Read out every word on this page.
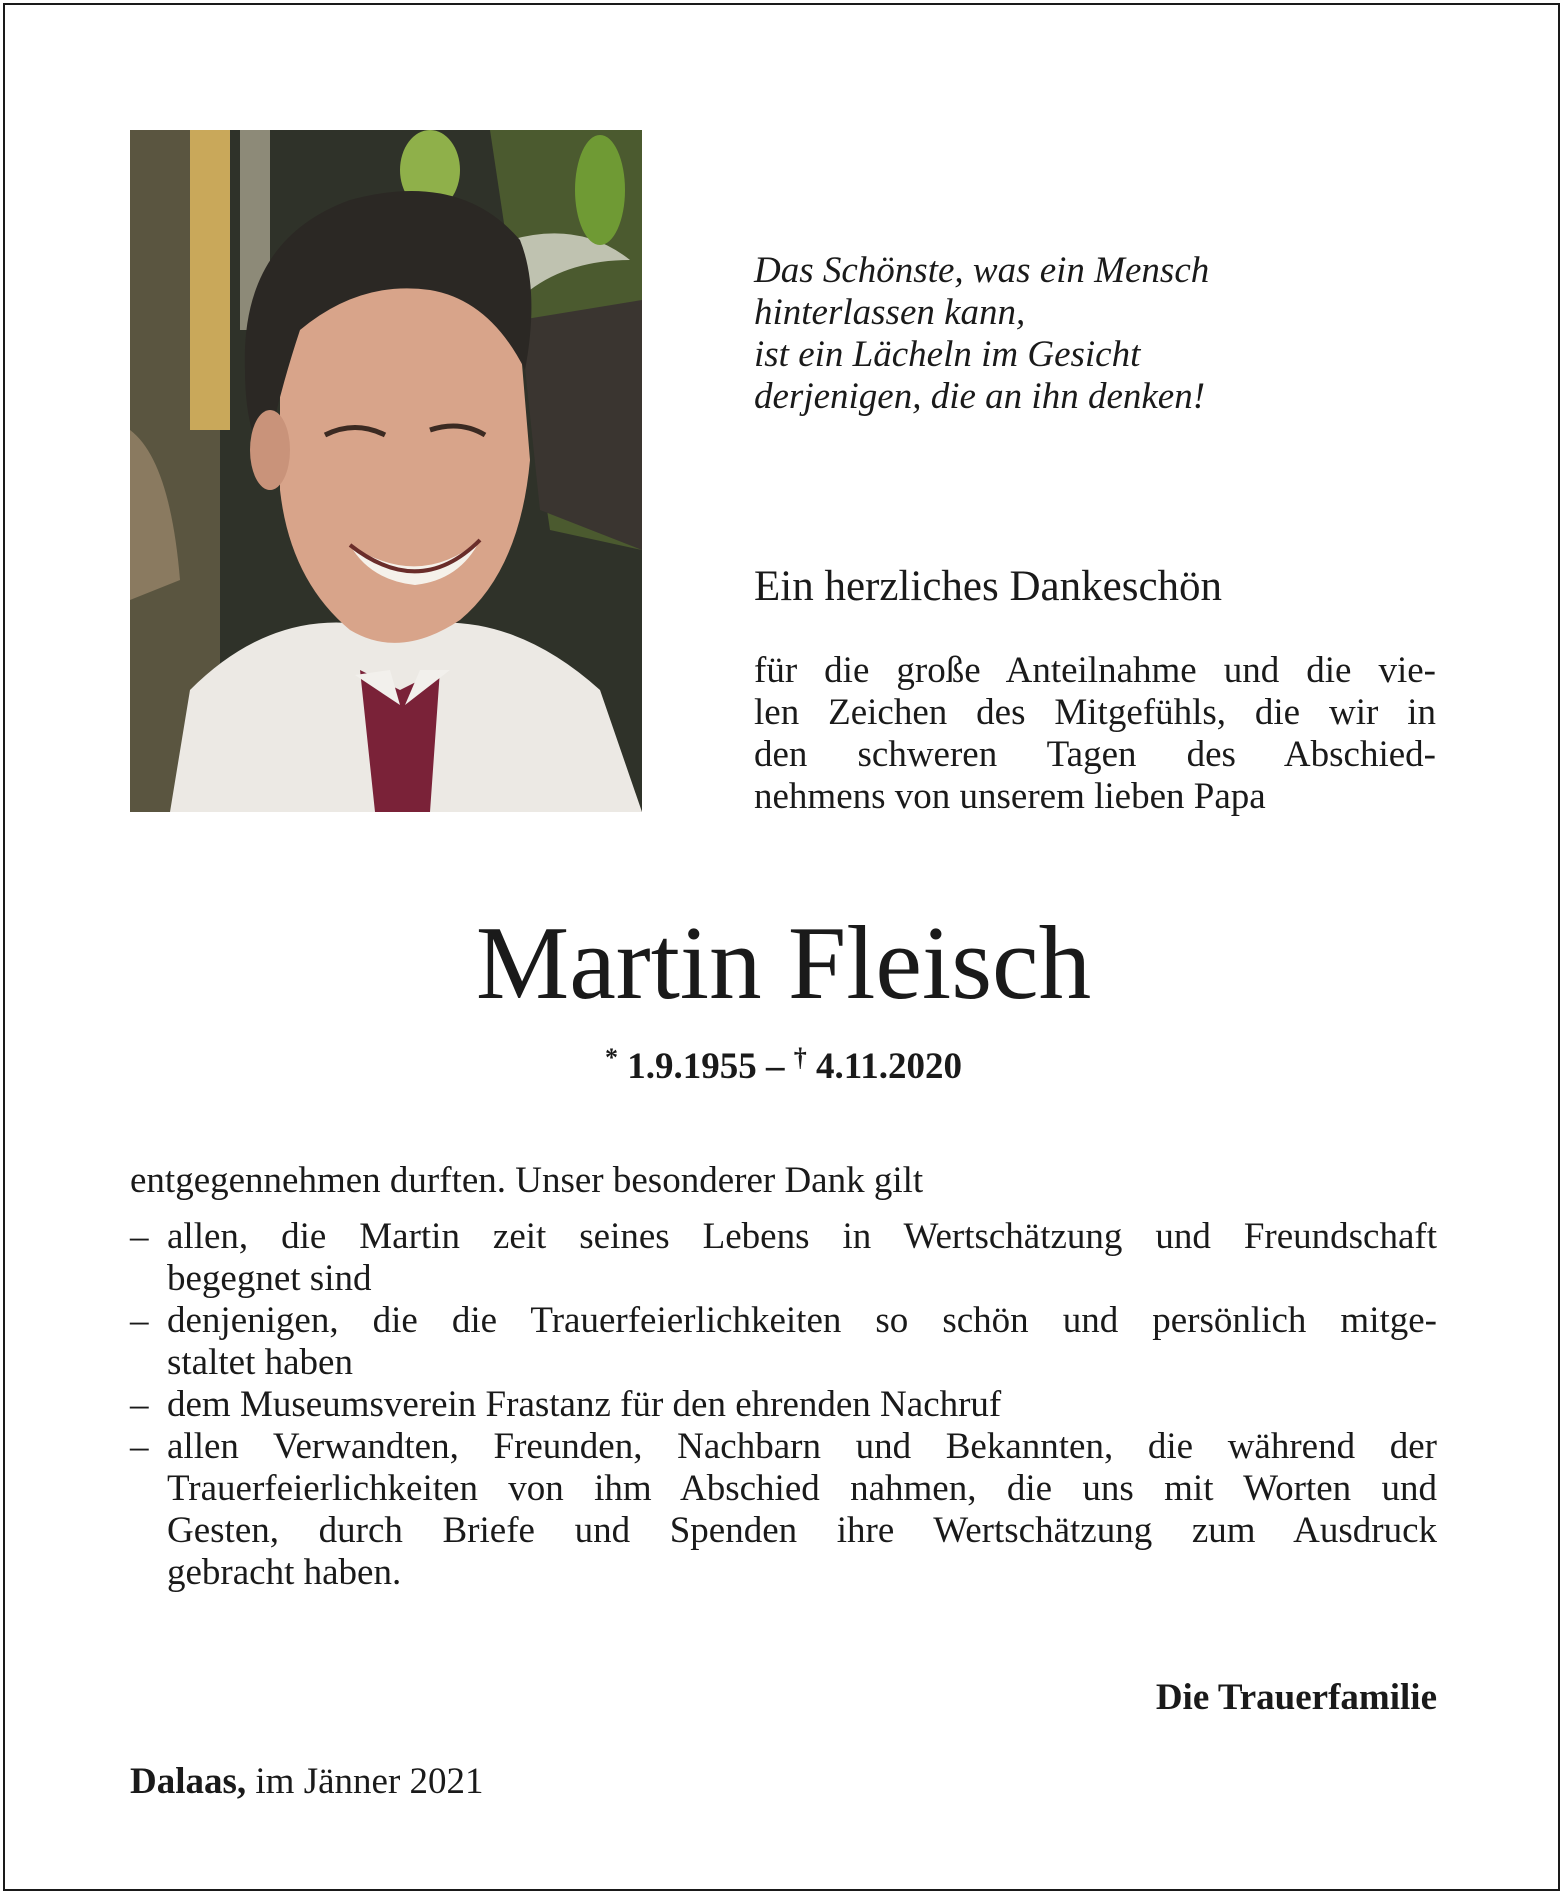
Das Schönste, was ein Mensch
hinterlassen kann,
ist ein Lächeln im Gesicht
derjenigen, die an ihn denken!
Ein herzliches Dankeschön
für die große Anteilnahme und die vie-
len Zeichen des Mitgefühls, die wir in
den schweren Tagen des Abschied-
nehmens von unserem lieben Papa
Martin Fleisch
* 1.9.1955 – † 4.11.2020
entgegennehmen durften. Unser besonderer Dank gilt
– allen, die Martin zeit seines Lebens in Wertschätzung und Freundschaft
begegnet sind
– denjenigen, die die Trauerfeierlichkeiten so schön und persönlich mitge-
staltet haben
– dem Museumsverein Frastanz für den ehrenden Nachruf
– allen Verwandten, Freunden, Nachbarn und Bekannten, die während der
Trauerfeierlichkeiten von ihm Abschied nahmen, die uns mit Worten und
Gesten, durch Briefe und Spenden ihre Wertschätzung zum Ausdruck
gebracht haben.
Die Trauerfamilie
Dalaas, im Jänner 2021
